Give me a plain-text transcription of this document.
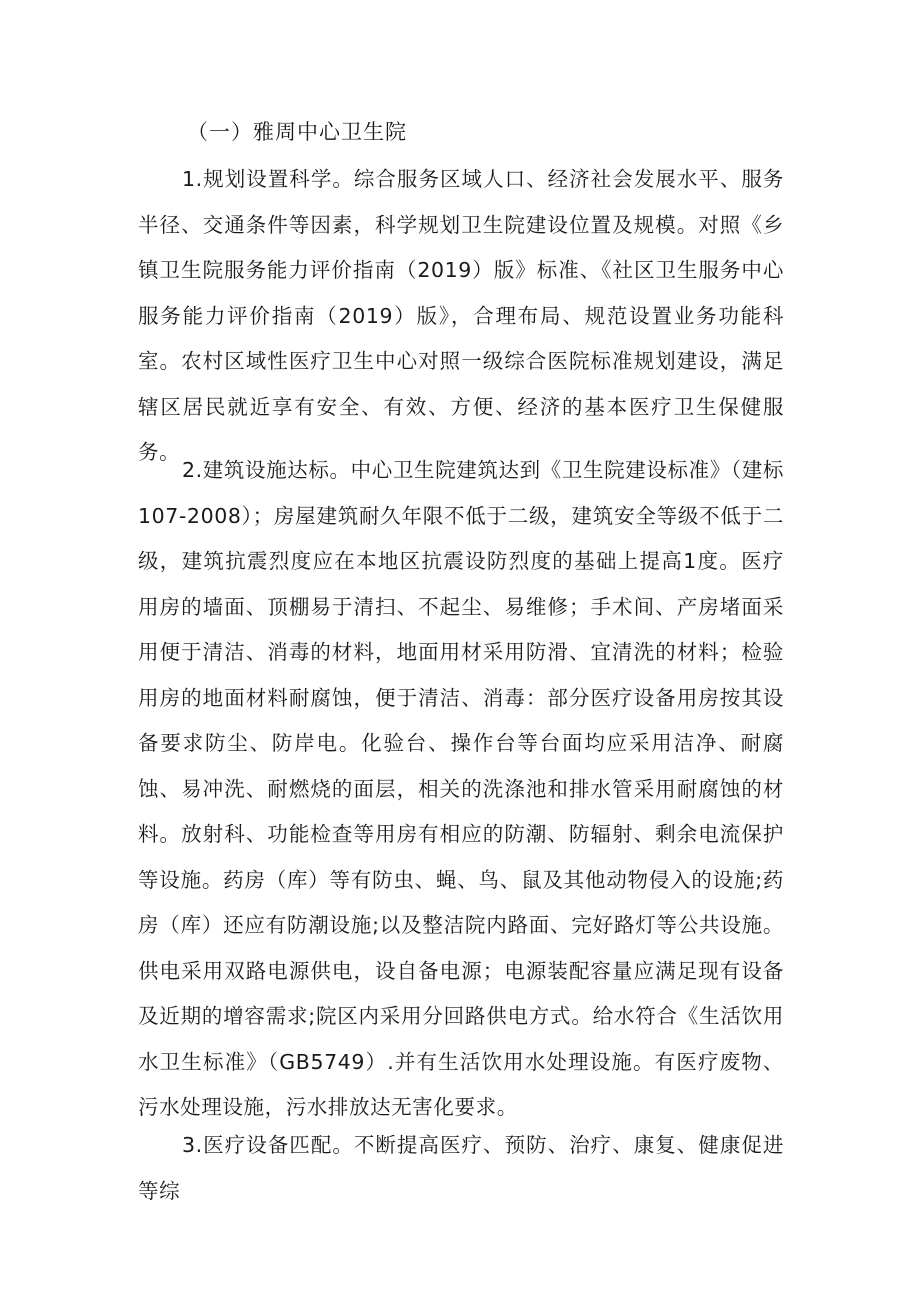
（一）雅周中心卫生院

1.规划设置科学。综合服务区域人口、经济社会发展水平、服务半径、交通条件等因素，科学规划卫生院建设位置及规模。对照《乡镇卫生院服务能力评价指南（2019）版》标准、《社区卫生服务中心服务能力评价指南（2019）版》，合理布局、规范设置业务功能科室。农村区域性医疗卫生中心对照一级综合医院标准规划建设，满足辖区居民就近享有安全、有效、方便、经济的基本医疗卫生保健服务。

2.建筑设施达标。中心卫生院建筑达到《卫生院建设标准》（建标107-2008）；房屋建筑耐久年限不低于二级，建筑安全等级不低于二级，建筑抗震烈度应在本地区抗震设防烈度的基础上提高1度。医疗用房的墙面、顶棚易于清扫、不起尘、易维修；手术间、产房堵面采用便于清洁、消毒的材料，地面用材采用防滑、宜清洗的材料；检验用房的地面材料耐腐蚀，便于清洁、消毒：部分医疗设备用房按其设备要求防尘、防岸电。化验台、操作台等台面均应采用洁净、耐腐蚀、易冲洗、耐燃烧的面层，相关的洗涤池和排水管采用耐腐蚀的材料。放射科、功能检查等用房有相应的防潮、防辐射、剩余电流保护等设施。药房（库）等有防虫、蝇、鸟、鼠及其他动物侵入的设施;药房（库）还应有防潮设施;以及整洁院内路面、完好路灯等公共设施。供电采用双路电源供电，设自备电源；电源装配容量应满足现有设备及近期的增容需求;院区内采用分回路供电方式。给水符合《生活饮用水卫生标准》（GB5749）.并有生活饮用水处理设施。有医疗废物、污水处理设施，污水排放达无害化要求。

3.医疗设备匹配。不断提高医疗、预防、治疗、康复、健康促进等综
